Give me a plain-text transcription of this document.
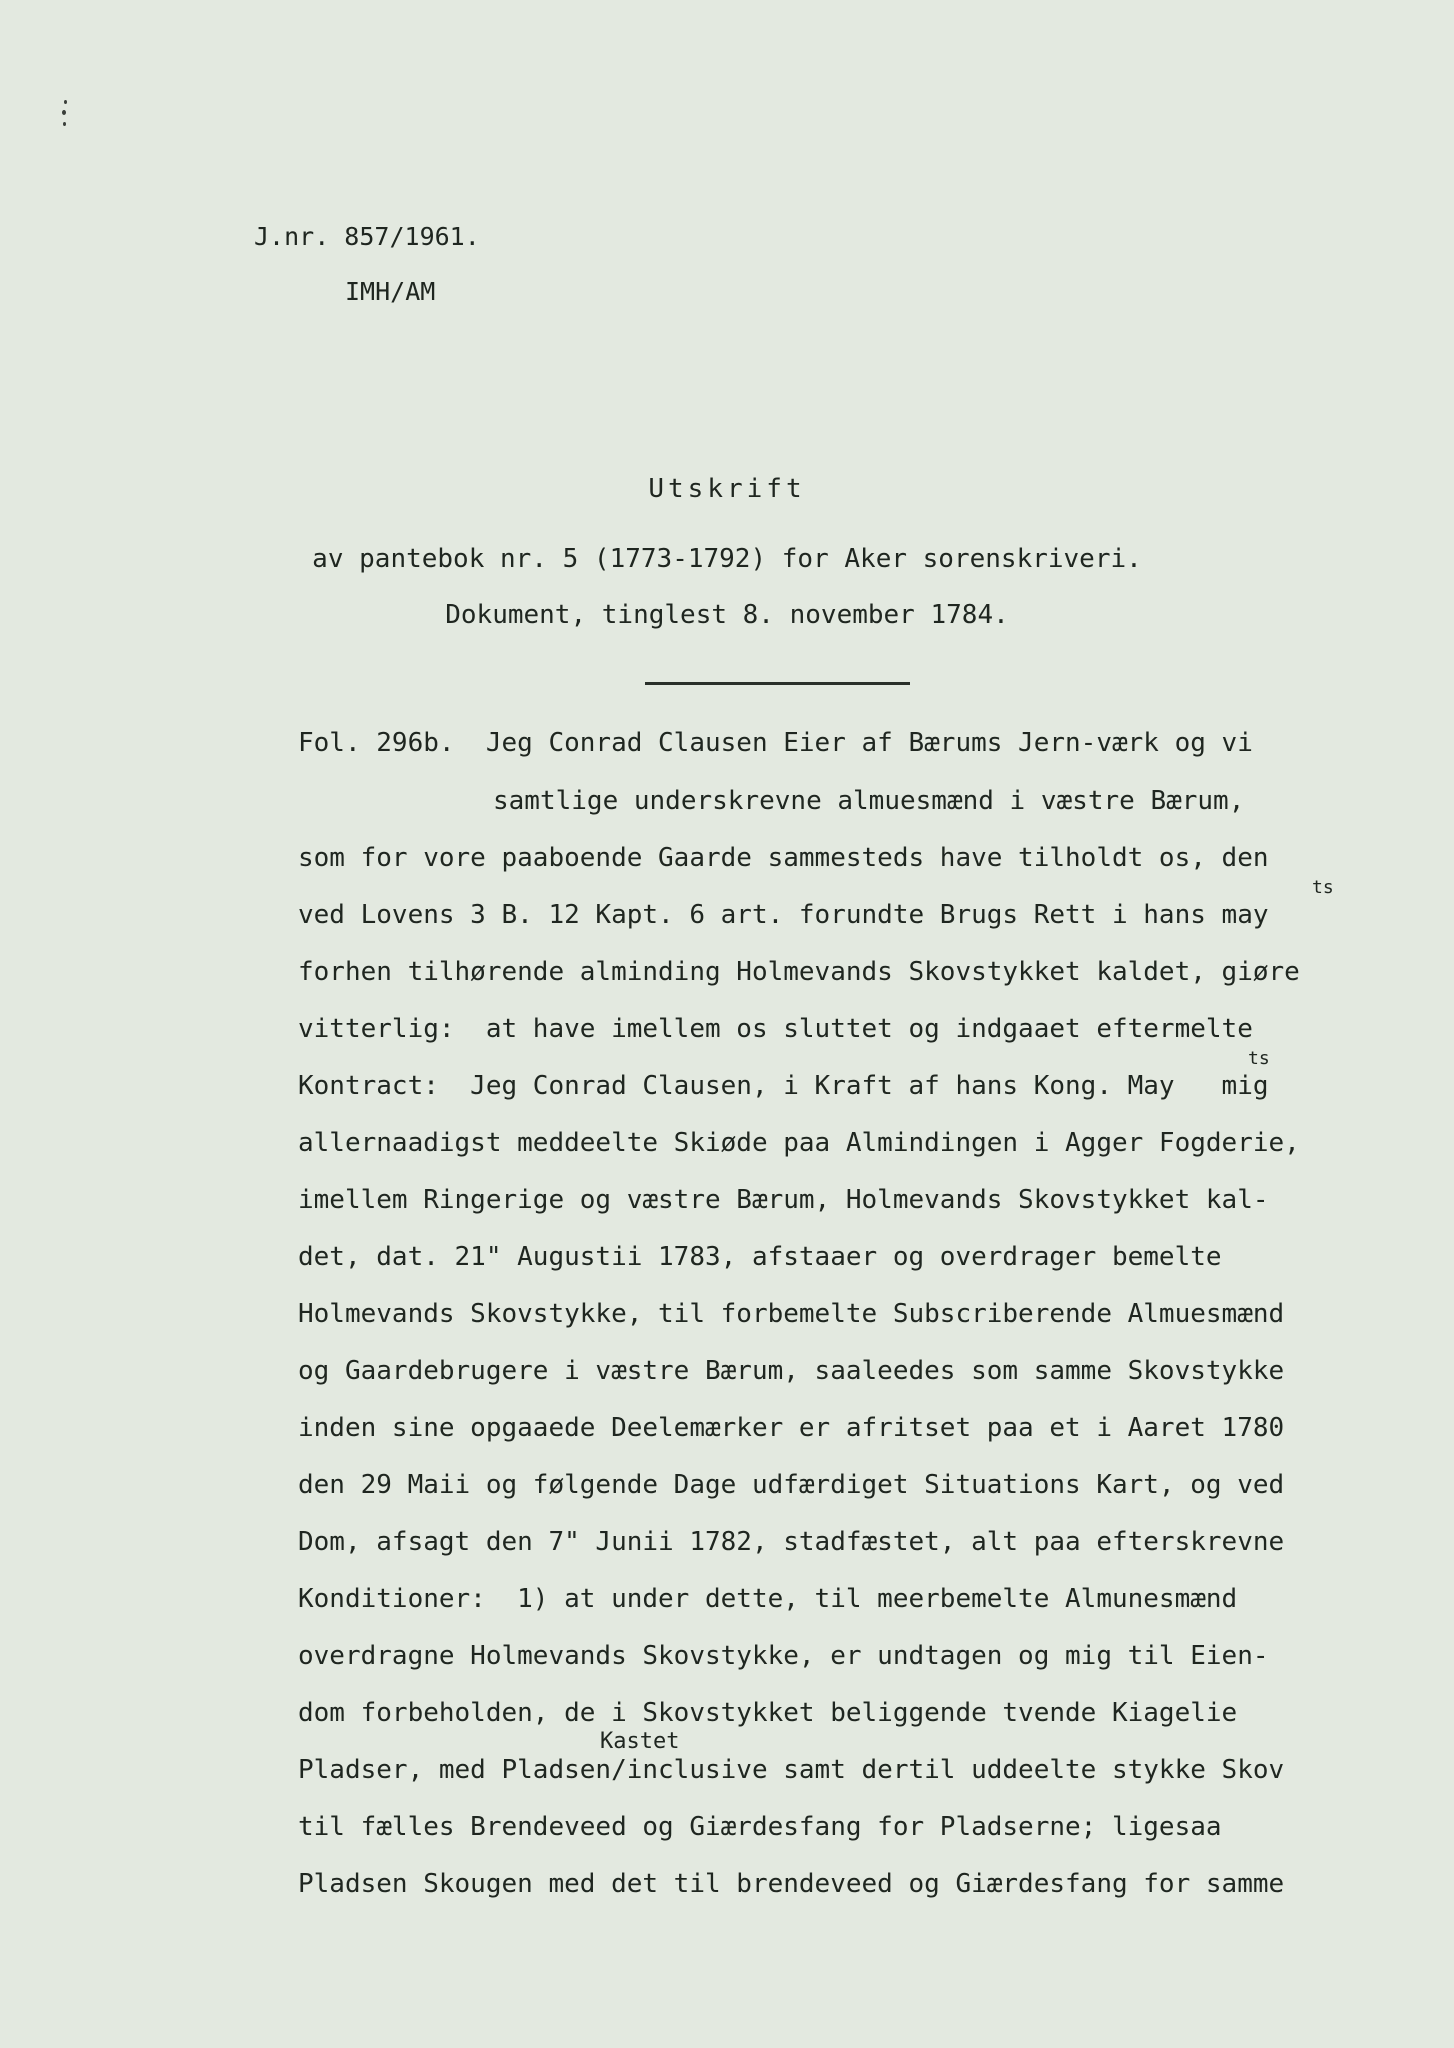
J.nr. 857/1961.
IMH/AM
Utskrift
av pantebok nr. 5 (1773-1792) for Aker sorenskriveri.
Dokument, tinglest 8. november 1784.
Fol. 296b.  Jeg Conrad Clausen Eier af Bærums Jern-værk og vi
samtlige underskrevne almuesmænd i væstre Bærum,
som for vore paaboende Gaarde sammesteds have tilholdt os, den
ved Lovens 3 B. 12 Kapt. 6 art. forundte Brugs Rett i hans may
ts
forhen tilhørende alminding Holmevands Skovstykket kaldet, giøre
vitterlig:  at have imellem os sluttet og indgaaet eftermelte
Kontract:  Jeg Conrad Clausen, i Kraft af hans Kong. May   mig
ts
allernaadigst meddeelte Skiøde paa Almindingen i Agger Fogderie,
imellem Ringerige og væstre Bærum, Holmevands Skovstykket kal-
det, dat. 21" Augustii 1783, afstaaer og overdrager bemelte
Holmevands Skovstykke, til forbemelte Subscriberende Almuesmænd
og Gaardebrugere i væstre Bærum, saaleedes som samme Skovstykke
inden sine opgaaede Deelemærker er afritset paa et i Aaret 1780
den 29 Maii og følgende Dage udfærdiget Situations Kart, og ved
Dom, afsagt den 7" Junii 1782, stadfæstet, alt paa efterskrevne
Konditioner:  1) at under dette, til meerbemelte Almunesmænd
overdragne Holmevands Skovstykke, er undtagen og mig til Eien-
dom forbeholden, de i Skovstykket beliggende tvende Kiagelie
Kastet
Pladser, med Pladsen/inclusive samt dertil uddeelte stykke Skov
til fælles Brendeveed og Giærdesfang for Pladserne; ligesaa
Pladsen Skougen med det til brendeveed og Giærdesfang for samme
